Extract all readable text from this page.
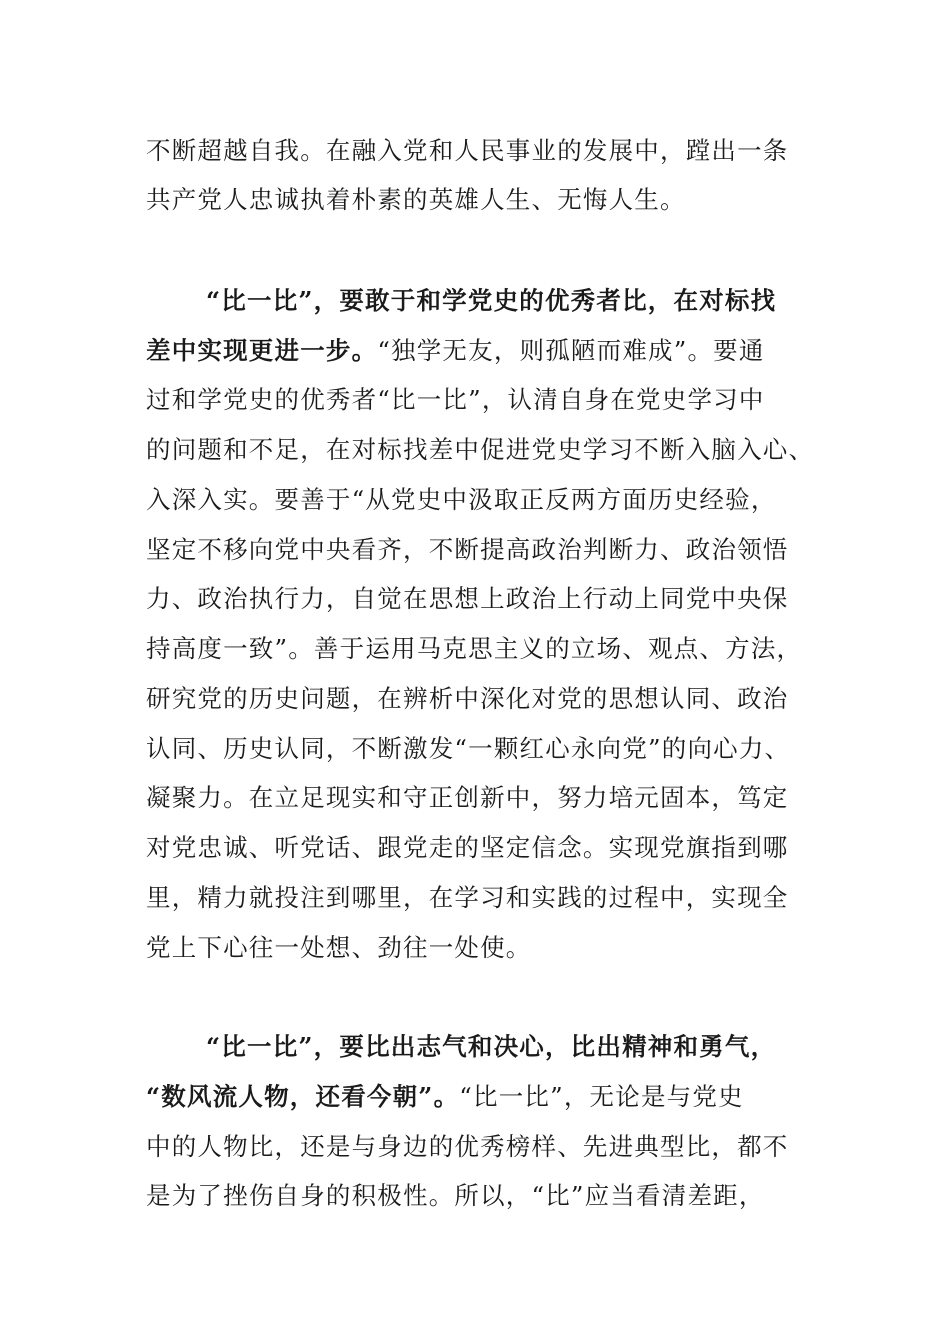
不断超越自我。在融入党和人民事业的发展中，蹚出一条
共产党人忠诚执着朴素的英雄人生、无悔人生。
“比一比”，要敢于和学党史的优秀者比，在对标找
差中实现更进一步。“独学无友，则孤陋而难成”。要通
过和学党史的优秀者“比一比”，认清自身在党史学习中
的问题和不足，在对标找差中促进党史学习不断入脑入心、
入深入实。要善于“从党史中汲取正反两方面历史经验，
坚定不移向党中央看齐，不断提高政治判断力、政治领悟
力、政治执行力，自觉在思想上政治上行动上同党中央保
持高度一致”。善于运用马克思主义的立场、观点、方法，
研究党的历史问题，在辨析中深化对党的思想认同、政治
认同、历史认同，不断激发“一颗红心永向党”的向心力、
凝聚力。在立足现实和守正创新中，努力培元固本，笃定
对党忠诚、听党话、跟党走的坚定信念。实现党旗指到哪
里，精力就投注到哪里，在学习和实践的过程中，实现全
党上下心往一处想、劲往一处使。
“比一比”，要比出志气和决心，比出精神和勇气，
“数风流人物，还看今朝”。“比一比”，无论是与党史
中的人物比，还是与身边的优秀榜样、先进典型比，都不
是为了挫伤自身的积极性。所以，“比”应当看清差距，
